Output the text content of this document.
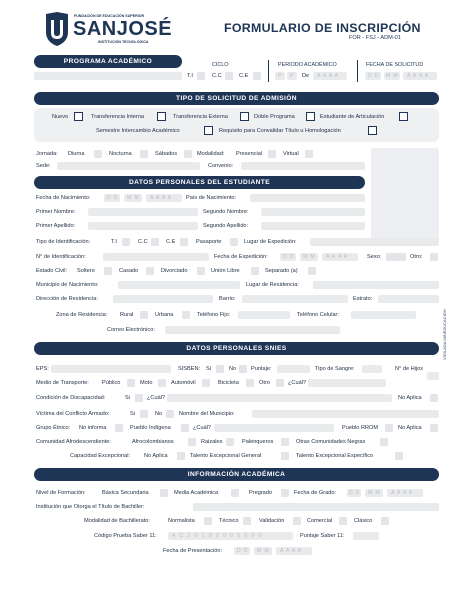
FUNDACIÓN DE EDUCACIÓN SUPERIOR
SANJOSÉ
INSTITUCIÓN TECNOLÓGICA
FORMULARIO DE INSCRIPCIÓN
FOR - FSJ - ADM-01
PROGRAMA ACADÉMICO	CICLO
T.I	C.C	C.E
PERIODO ACADÉMICO
P P De A A A A
FECHA DE SOLICITUD
D D M M A A A A
TIPO DE SOLICITUD DE ADMISIÓN
Nuevo	Transferencia Interna	Transferencia Externa	Doble Programa	Estudiante de Articulación
Semestre Intercambio Académico	Requisito para Convalidar Título u Homologación
Jornada: Diurna	Nocturna	Sábados	Modalidad: Presencial	Virtual
Sede:	Convenio:
DATOS PERSONALES DEL ESTUDIANTE
Fecha de Nacimiento:	D D M M A A A A País de Nacimiento:
Primer Nombre:	Segundo Nombre:
Primer Apellido:	Segundo Apellido:
Tipo de Identificación:	T.I	C.C	C.E	Pasaporte	Lugar de Expedición:
N° de Identificación:	Fecha de Expedición:	D D M M A A A A	Sexo:	Otro:
Estado Civil: Soltero	Casado	Divorciado	Unión Libre	Separado (a)
Municipio de Nacimiento:	Lugar de Residencia:
Dirección de Residencia:	Barrio:	Estrato:
Zona de Residencia: Rural	Urbana	Teléfono Fijo:	Teléfono Celular:
Correo Electrónico:
DATOS PERSONALES SNIES
EPS:	SISBEN: Si	No	Puntaje:	Tipo de Sangre:	N° de Hijos
Medio de Transporte: Público	Moto	Automóvil	Bicicleta	Otro	¿Cuál?
Condición de Discapacidad:	Si	¿Cuál?	No Aplica
Víctima del Conflicto Armado:	Si	No	Nombre del Municipio:
Grupo Étnico: No informa	Pueblo Indígena	¿Cuál?	Pueblo RROM	No Aplica
Comunidad Afrodescendiente:	Afrocolombianos	Raizales	Palenqueros	Otras Comunidades Negras
Capacidad Excepcional: No Aplica	Talento Excepcional General	Talento Excepcional Específico
INFORMACIÓN ACADÉMICA
Nivel de Formación:	Básica Secundaria	Media Académica	Pregrado	Fecha de Grado:	D D M M A A A A
Institución que Otorga el Título de Bachiller:
Modalidad de Bachillerato:	Normalista	Técnico	Validación	Comercial	Clásico
Código Prueba Saber 11:	A C 2 0 1 9 0 0 0 0 0 0 0	Puntaje Saber 11:
Fecha de Presentación:	D D M M A A A A
VIGILADA MINEDUCACIÓN
